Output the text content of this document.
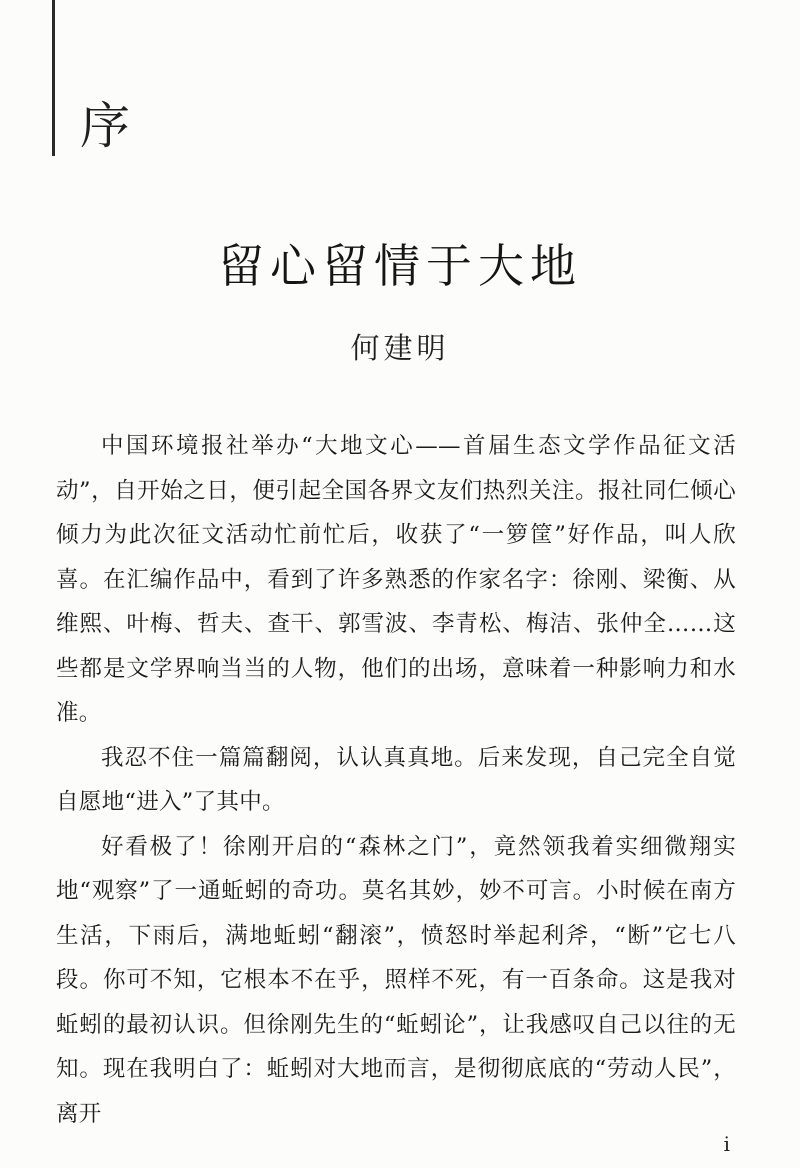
序
留心留情于大地
何建明

中国环境报社举办“大地文心——首届生态文学作品征文活动”，自开始之日，便引起全国各界文友们热烈关注。报社同仁倾心倾力为此次征文活动忙前忙后，收获了“一箩筐”好作品，叫人欣喜。在汇编作品中，看到了许多熟悉的作家名字：徐刚、梁衡、从维熙、叶梅、哲夫、查干、郭雪波、李青松、梅洁、张仲全……这些都是文学界响当当的人物，他们的出场，意味着一种影响力和水准。

我忍不住一篇篇翻阅，认认真真地。后来发现，自己完全自觉自愿地“进入”了其中。

好看极了！徐刚开启的“森林之门”，竟然领我着实细微翔实地“观察”了一通蚯蚓的奇功。莫名其妙，妙不可言。小时候在南方生活，下雨后，满地蚯蚓“翻滚”，愤怒时举起利斧，“断”它七八段。你可不知，它根本不在乎，照样不死，有一百条命。这是我对蚯蚓的最初认识。但徐刚先生的“蚯蚓论”，让我感叹自己以往的无知。现在我明白了：蚯蚓对大地而言，是彻彻底底的“劳动人民”，离开

i
